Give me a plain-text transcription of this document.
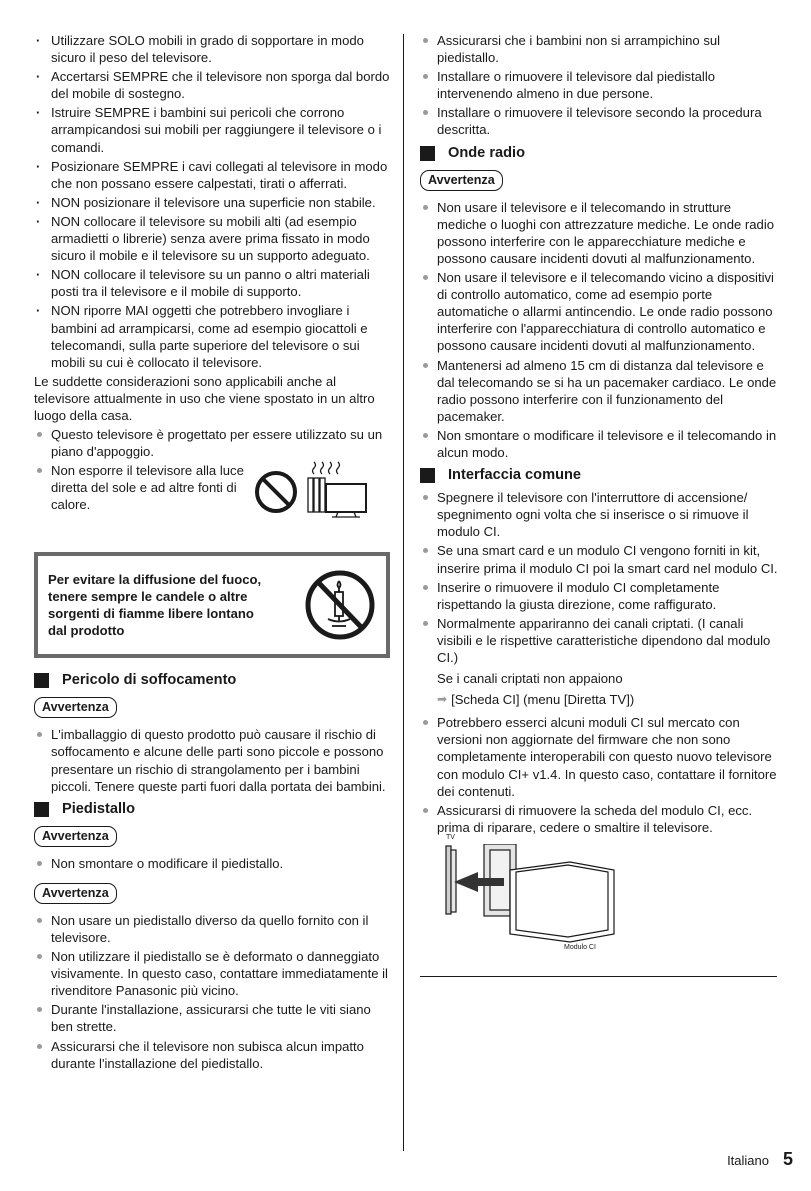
· Utilizzare SOLO mobili in grado di sopportare in modo sicuro il peso del televisore.
· Accertarsi SEMPRE che il televisore non sporga dal bordo del mobile di sostegno.
· Istruire SEMPRE i bambini sui pericoli che corrono arrampicandosi sui mobili per raggiungere il televisore o i comandi.
· Posizionare SEMPRE i cavi collegati al televisore in modo che non possano essere calpestati, tirati o afferrati.
· NON posizionare il televisore una superficie non stabile.
· NON collocare il televisore su mobili alti (ad esempio armadietti o librerie) senza avere prima fissato in modo sicuro il mobile e il televisore su un supporto adeguato.
· NON collocare il televisore su un panno o altri materiali posti tra il televisore e il mobile di supporto.
· NON riporre MAI oggetti che potrebbero invogliare i bambini ad arrampicarsi, come ad esempio giocattoli e telecomandi, sulla parte superiore del televisore o sui mobili su cui è collocato il televisore.

Le suddette considerazioni sono applicabili anche al televisore attualmente in uso che viene spostato in un altro luogo della casa.

Questo televisore è progettato per essere utilizzato su un piano d'appoggio.
Non esporre il televisore alla luce diretta del sole e ad altre fonti di calore.

Per evitare la diffusione del fuoco, tenere sempre le candele o altre sorgenti di fiamme libere lontano dal prodotto

Pericolo di soffocamento
Avvertenza
L'imballaggio di questo prodotto può causare il rischio di soffocamento e alcune delle parti sono piccole e possono presentare un rischio di strangolamento per i bambini piccoli. Tenere queste parti fuori dalla portata dei bambini.
Piedistallo
Avvertenza
Non smontare o modificare il piedistallo.
Avvertenza
Non usare un piedistallo diverso da quello fornito con il televisore.
Non utilizzare il piedistallo se è deformato o danneggiato visivamente. In questo caso, contattare immediatamente il rivenditore Panasonic più vicino.
Durante l'installazione, assicurarsi che tutte le viti siano ben strette.
Assicurarsi che il televisore non subisca alcun impatto durante l'installazione del piedistallo.
Assicurarsi che i bambini non si arrampichino sul piedistallo.
Installare o rimuovere il televisore dal piedistallo intervenendo almeno in due persone.
Installare o rimuovere il televisore secondo la procedura descritta.
Onde radio
Avvertenza
Non usare il televisore e il telecomando in strutture mediche o luoghi con attrezzature mediche. Le onde radio possono interferire con le apparecchiature mediche e possono causare incidenti dovuti al malfunzionamento.
Non usare il televisore e il telecomando vicino a dispositivi di controllo automatico, come ad esempio porte automatiche o allarmi antincendio. Le onde radio possono interferire con l'apparecchiatura di controllo automatico e possono causare incidenti dovuti al malfunzionamento.
Mantenersi ad almeno 15 cm di distanza dal televisore e dal telecomando se si ha un pacemaker cardiaco. Le onde radio possono interferire con il funzionamento del pacemaker.
Non smontare o modificare il televisore e il telecomando in alcun modo.
Interfaccia comune
Spegnere il televisore con l'interruttore di accensione/ spegnimento ogni volta che si inserisce o si rimuove il modulo CI.
Se una smart card e un modulo CI vengono forniti in kit, inserire prima il modulo CI poi la smart card nel modulo CI.
Inserire o rimuovere il modulo CI completamente rispettando la giusta direzione, come raffigurato.
Normalmente appariranno dei canali criptati. (I canali visibili e le rispettive caratteristiche dipendono dal modulo CI.)

Se i canali criptati non appaiono

➡ [Scheda CI] (menu [Diretta TV])

Potrebbero esserci alcuni moduli CI sul mercato con versioni non aggiornate del firmware che non sono completamente interoperabili con questo nuovo televisore con modulo CI+ v1.4. In questo caso, contattare il fornitore dei contenuti.
Assicurarsi di rimuovere la scheda del modulo CI, ecc. prima di riparare, cedere o smaltire il televisore.
TV
Modulo CI
Italiano 5
